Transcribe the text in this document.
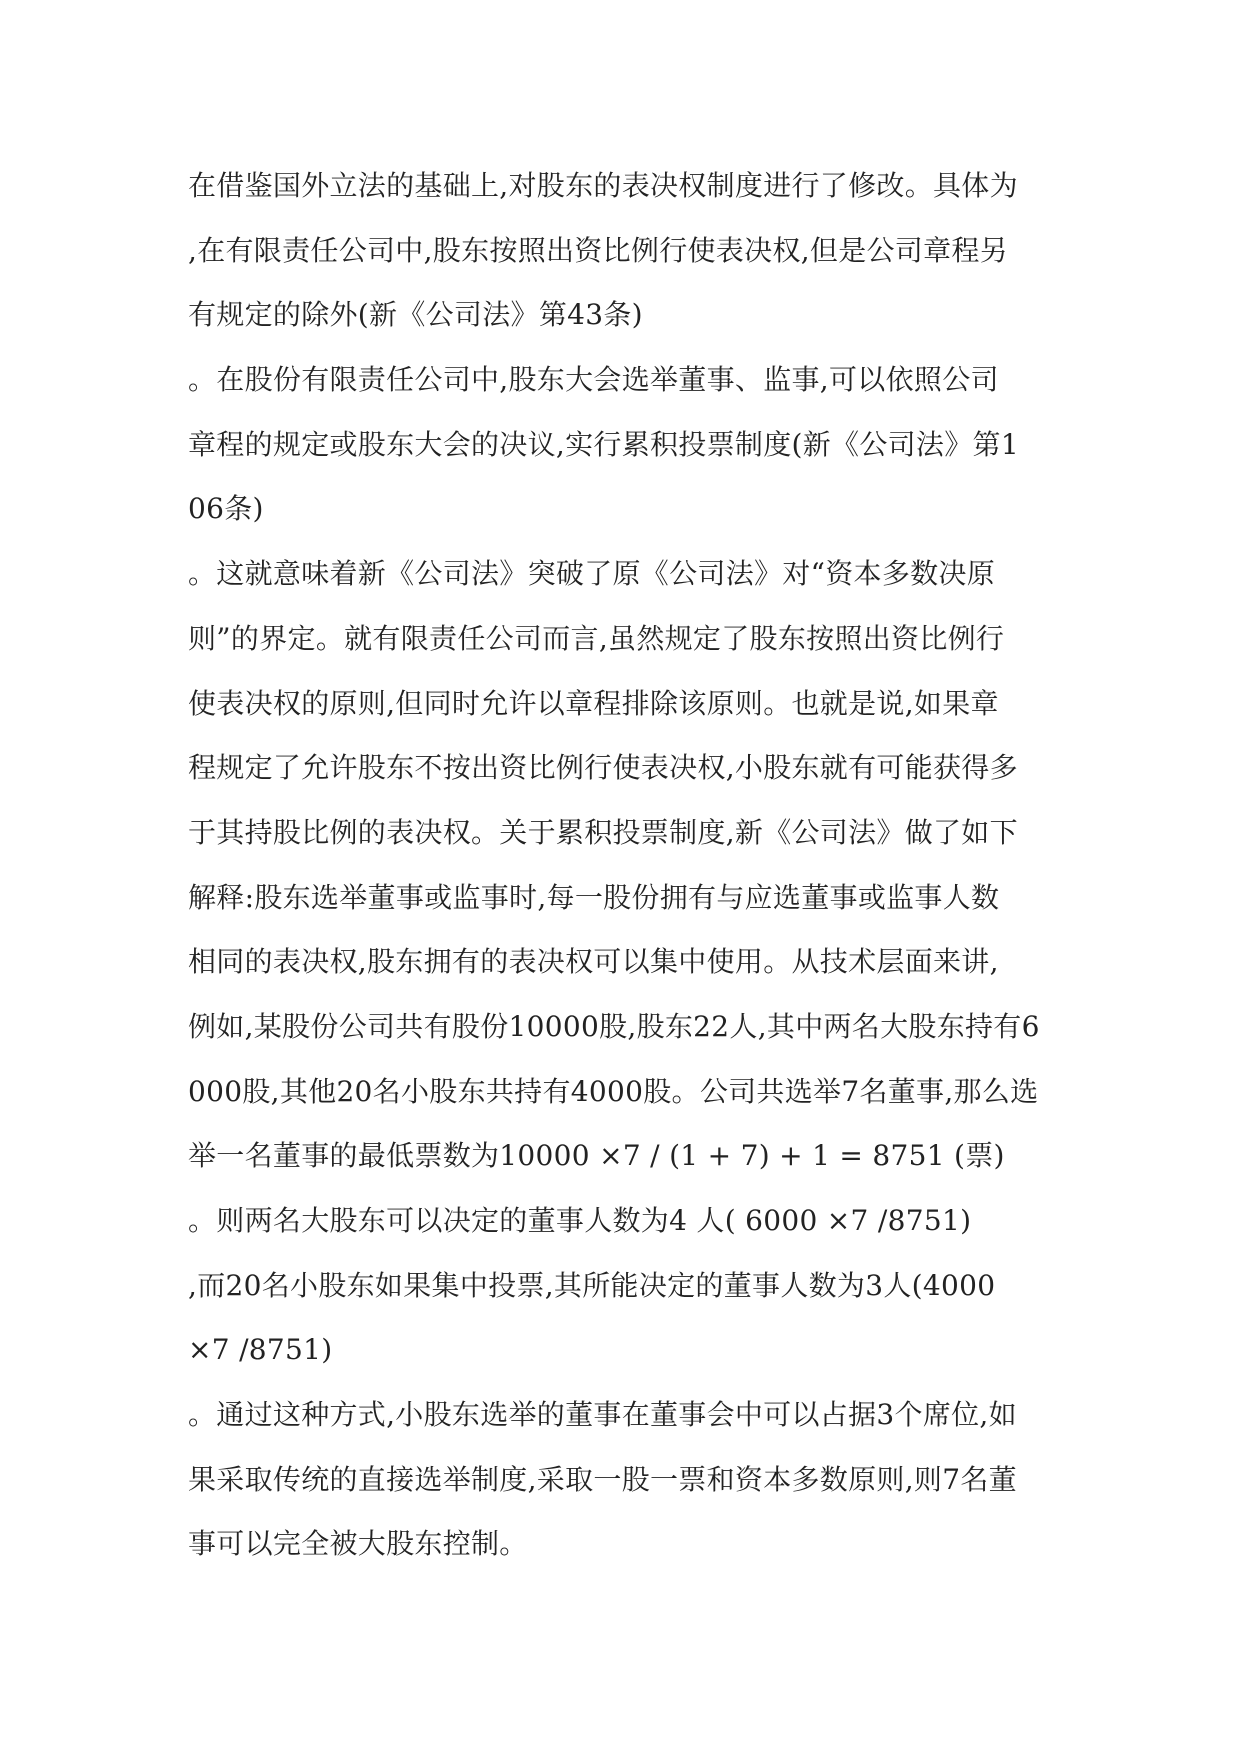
在借鉴国外立法的基础上,对股东的表决权制度进行了修改。具体为
,在有限责任公司中,股东按照出资比例行使表决权,但是公司章程另
有规定的除外(新《公司法》第43条)
。在股份有限责任公司中,股东大会选举董事、监事,可以依照公司
章程的规定或股东大会的决议,实行累积投票制度(新《公司法》第1
06条)
。这就意味着新《公司法》突破了原《公司法》对“资本多数决原
则”的界定。就有限责任公司而言,虽然规定了股东按照出资比例行
使表决权的原则,但同时允许以章程排除该原则。也就是说,如果章
程规定了允许股东不按出资比例行使表决权,小股东就有可能获得多
于其持股比例的表决权。关于累积投票制度,新《公司法》做了如下
解释:股东选举董事或监事时,每一股份拥有与应选董事或监事人数
相同的表决权,股东拥有的表决权可以集中使用。从技术层面来讲,
例如,某股份公司共有股份10000股,股东22人,其中两名大股东持有6
000股,其他20名小股东共持有4000股。公司共选举7名董事,那么选
举一名董事的最低票数为10000 ×7 / (1 + 7) + 1 = 8751 (票)
。则两名大股东可以决定的董事人数为4 人( 6000 ×7 /8751)
,而20名小股东如果集中投票,其所能决定的董事人数为3人(4000
×7 /8751)
。通过这种方式,小股东选举的董事在董事会中可以占据3个席位,如
果采取传统的直接选举制度,采取一股一票和资本多数原则,则7名董
事可以完全被大股东控制。
